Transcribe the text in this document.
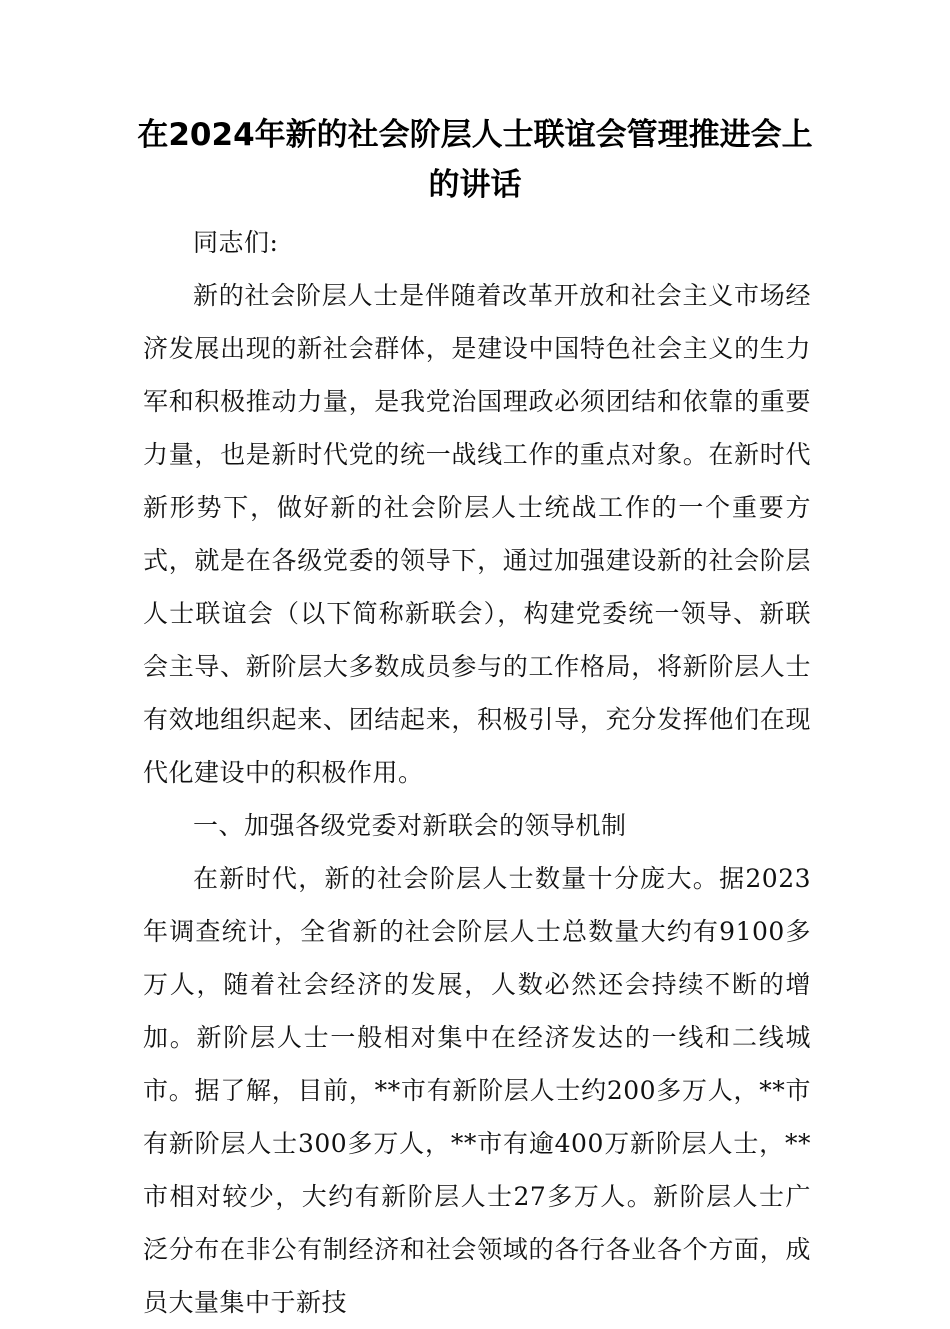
在2024年新的社会阶层人士联谊会管理推进会上的讲话

同志们:

新的社会阶层人士是伴随着改革开放和社会主义市场经济发展出现的新社会群体，是建设中国特色社会主义的生力军和积极推动力量，是我党治国理政必须团结和依靠的重要力量，也是新时代党的统一战线工作的重点对象。在新时代新形势下，做好新的社会阶层人士统战工作的一个重要方式，就是在各级党委的领导下，通过加强建设新的社会阶层人士联谊会（以下简称新联会），构建党委统一领导、新联会主导、新阶层大多数成员参与的工作格局，将新阶层人士有效地组织起来、团结起来，积极引导，充分发挥他们在现代化建设中的积极作用。

一、加强各级党委对新联会的领导机制

在新时代，新的社会阶层人士数量十分庞大。据2023年调查统计，全省新的社会阶层人士总数量大约有9100多万人，随着社会经济的发展，人数必然还会持续不断的增加。新阶层人士一般相对集中在经济发达的一线和二线城市。据了解，目前，**市有新阶层人士约200多万人，**市有新阶层人士300多万人，**市有逾400万新阶层人士，**市相对较少，大约有新阶层人士27多万人。新阶层人士广泛分布在非公有制经济和社会领域的各行各业各个方面，成员大量集中于新技
